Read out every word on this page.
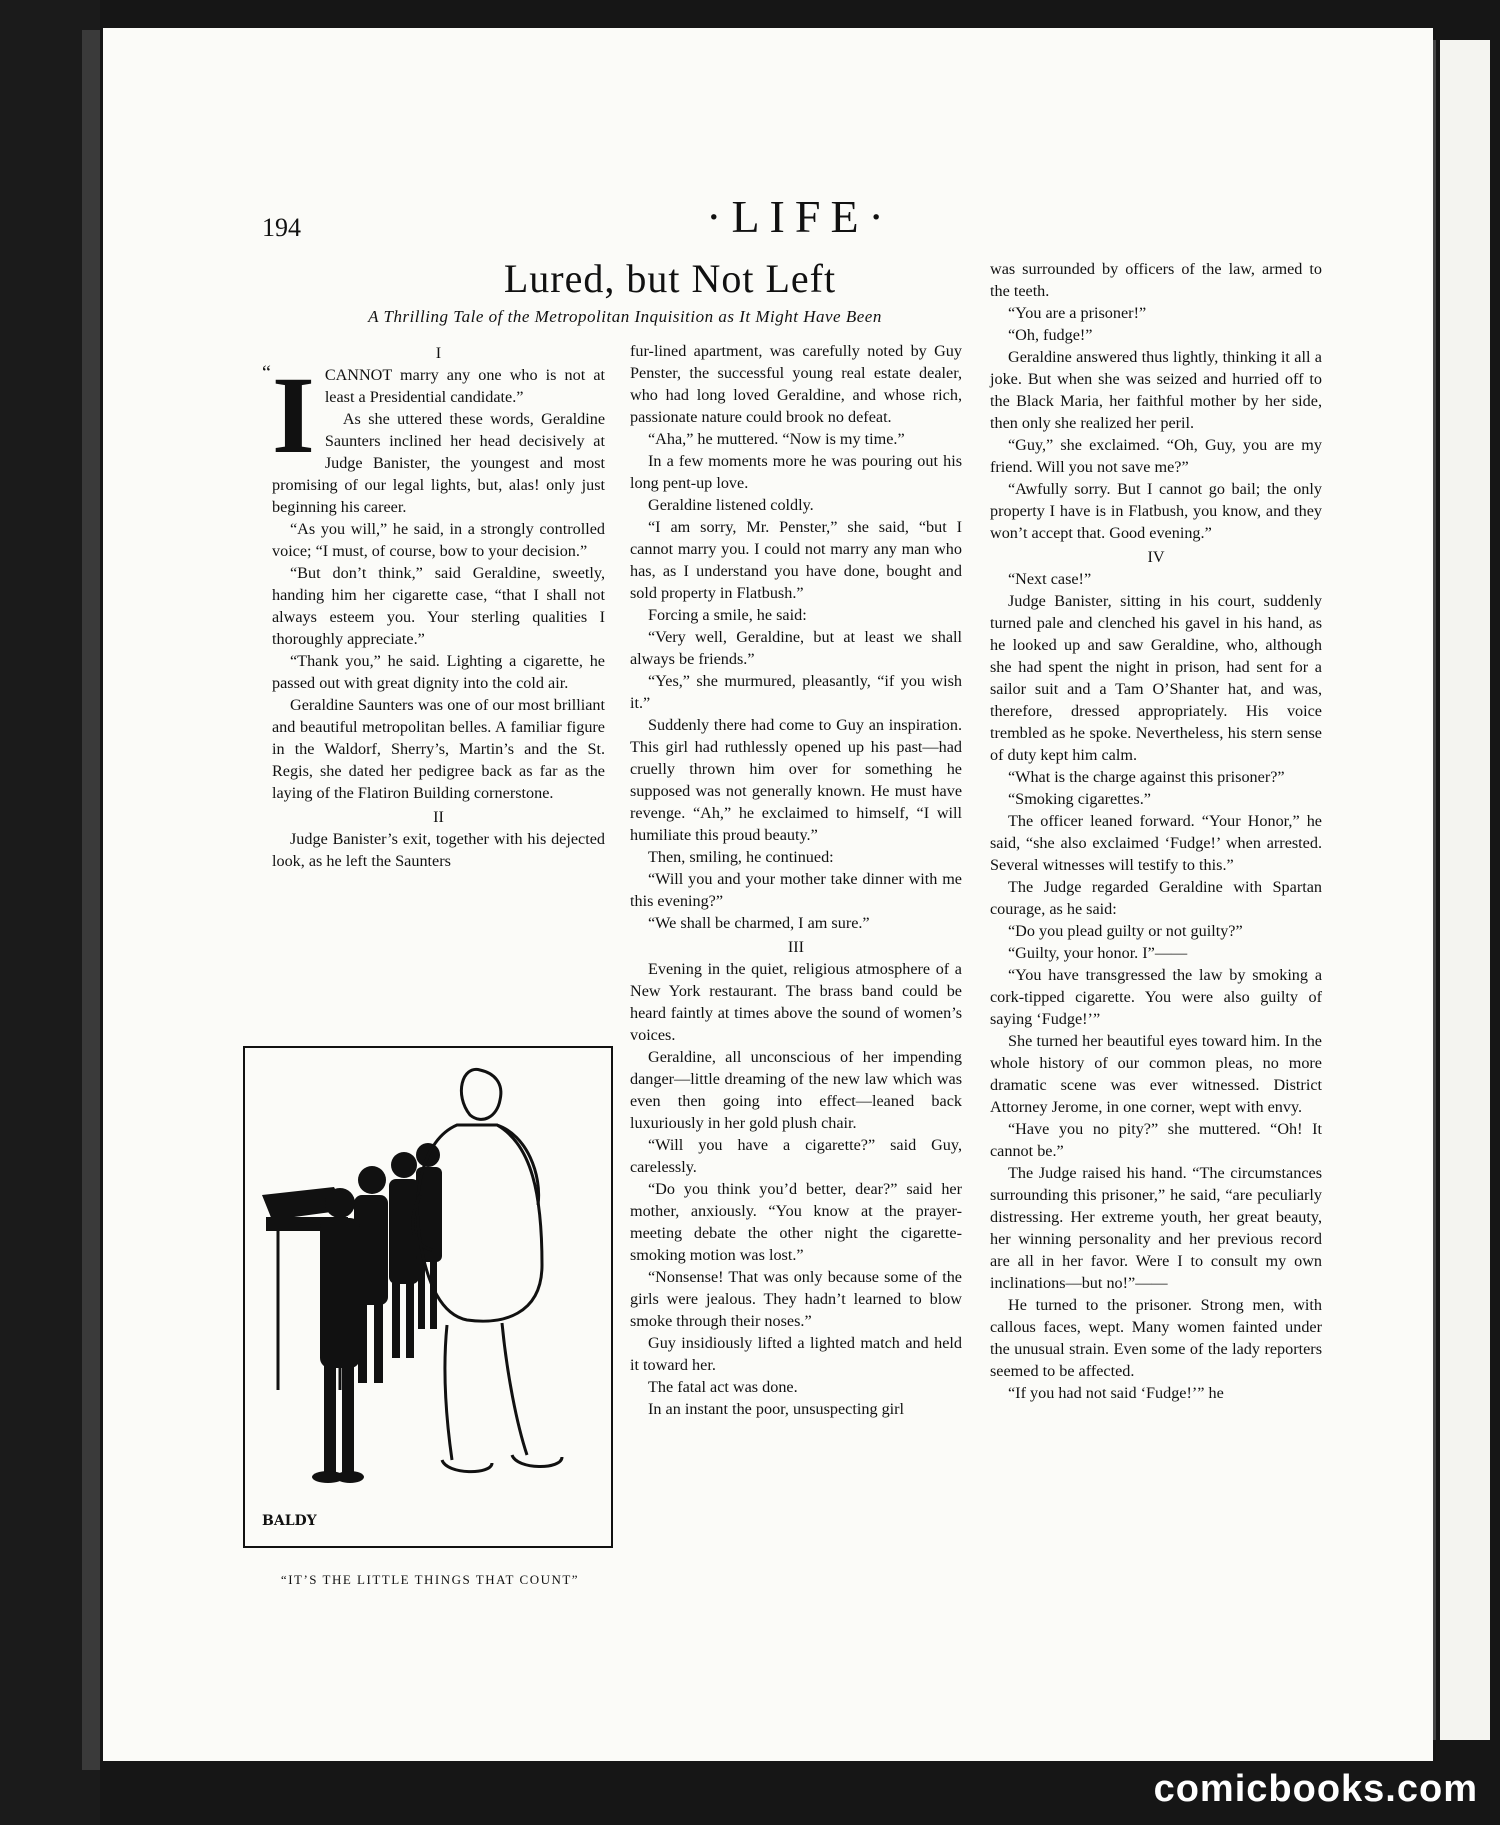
194	·LIFE·
Lured, but Not Left
A Thrilling Tale of the Metropolitan Inquisition as It Might Have Been

I

ICANNOT marry any one who is not at least a Presidential candidate.”

As she uttered these words, Geraldine Saunters inclined her head decisively at Judge Banister, the youngest and most promising of our legal lights, but, alas! only just beginning his career.

“As you will,” he said, in a strongly controlled voice; “I must, of course, bow to your decision.”

“But don’t think,” said Geraldine, sweetly, handing him her cigarette case, “that I shall not always esteem you. Your sterling qualities I thoroughly appreciate.”

“Thank you,” he said. Lighting a cigarette, he passed out with great dignity into the cold air.

Geraldine Saunters was one of our most brilliant and beautiful metropolitan belles. A familiar figure in the Waldorf, Sherry’s, Martin’s and the St. Regis, she dated her pedigree back as far as the laying of the Flatiron Building cornerstone.

II

Judge Banister’s exit, together with his dejected look, as he left the Saunters

BALDY
“IT’S THE LITTLE THINGS THAT COUNT”

fur-lined apartment, was carefully noted by Guy Penster, the successful young real estate dealer, who had long loved Geraldine, and whose rich, passionate nature could brook no defeat.

“Aha,” he muttered. “Now is my time.”

In a few moments more he was pouring out his long pent-up love.

Geraldine listened coldly.

“I am sorry, Mr. Penster,” she said, “but I cannot marry you. I could not marry any man who has, as I understand you have done, bought and sold property in Flatbush.”

Forcing a smile, he said:

“Very well, Geraldine, but at least we shall always be friends.”

“Yes,” she murmured, pleasantly, “if you wish it.”

Suddenly there had come to Guy an inspiration. This girl had ruthlessly opened up his past—had cruelly thrown him over for something he supposed was not generally known. He must have revenge. “Ah,” he exclaimed to himself, “I will humiliate this proud beauty.”

Then, smiling, he continued:

“Will you and your mother take dinner with me this evening?”

“We shall be charmed, I am sure.”

III

Evening in the quiet, religious atmosphere of a New York restaurant. The brass band could be heard faintly at times above the sound of women’s voices.

Geraldine, all unconscious of her impending danger—little dreaming of the new law which was even then going into effect—leaned back luxuriously in her gold plush chair.

“Will you have a cigarette?” said Guy, carelessly.

“Do you think you’d better, dear?” said her mother, anxiously. “You know at the prayer-meeting debate the other night the cigarette-smoking motion was lost.”

“Nonsense! That was only because some of the girls were jealous. They hadn’t learned to blow smoke through their noses.”

Guy insidiously lifted a lighted match and held it toward her.

The fatal act was done.

In an instant the poor, unsuspecting girl

was surrounded by officers of the law, armed to the teeth.

“You are a prisoner!”

“Oh, fudge!”

Geraldine answered thus lightly, thinking it all a joke. But when she was seized and hurried off to the Black Maria, her faithful mother by her side, then only she realized her peril.

“Guy,” she exclaimed. “Oh, Guy, you are my friend. Will you not save me?”

“Awfully sorry. But I cannot go bail; the only property I have is in Flatbush, you know, and they won’t accept that. Good evening.”

IV

“Next case!”

Judge Banister, sitting in his court, suddenly turned pale and clenched his gavel in his hand, as he looked up and saw Geraldine, who, although she had spent the night in prison, had sent for a sailor suit and a Tam O’Shanter hat, and was, therefore, dressed appropriately. His voice trembled as he spoke. Nevertheless, his stern sense of duty kept him calm.

“What is the charge against this prisoner?”

“Smoking cigarettes.”

The officer leaned forward. “Your Honor,” he said, “she also exclaimed ‘Fudge!’ when arrested. Several witnesses will testify to this.”

The Judge regarded Geraldine with Spartan courage, as he said:

“Do you plead guilty or not guilty?”

“Guilty, your honor. I”——

“You have transgressed the law by smoking a cork-tipped cigarette. You were also guilty of saying ‘Fudge!’”

She turned her beautiful eyes toward him. In the whole history of our common pleas, no more dramatic scene was ever witnessed. District Attorney Jerome, in one corner, wept with envy.

“Have you no pity?” she muttered. “Oh! It cannot be.”

The Judge raised his hand. “The circumstances surrounding this prisoner,” he said, “are peculiarly distressing. Her extreme youth, her great beauty, her winning personality and her previous record are all in her favor. Were I to consult my own inclinations—but no!”——

He turned to the prisoner. Strong men, with callous faces, wept. Many women fainted under the unusual strain. Even some of the lady reporters seemed to be affected.

“If you had not said ‘Fudge!’” he

comicbooks.com
